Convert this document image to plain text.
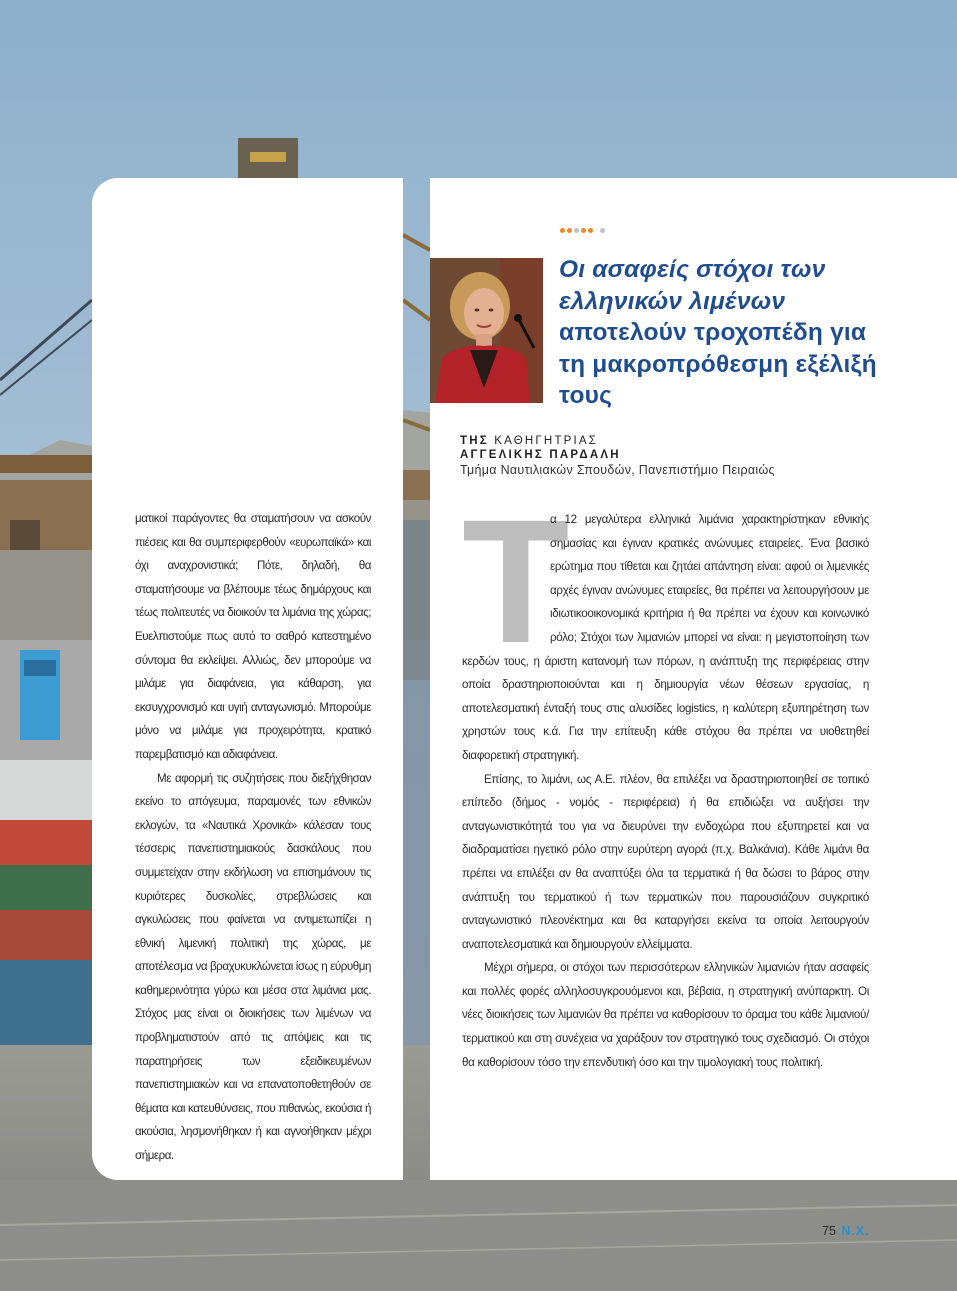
Οι ασαφείς στόχοι των ελληνικών λιμένων
αποτελούν τροχοπέδη για τη μακροπρόθεσμη εξέλιξή τους
ΤΗΣ ΚΑΘΗΓΗΤΡΙΑΣ
ΑΓΓΕΛΙΚΗΣ ΠΑΡΔΑΛΗ
Τμήμα Ναυτιλιακών Σπουδών, Πανεπιστήμιο Πειραιώς

ματικοί παράγοντες θα σταματήσουν να ασκούν πιέσεις και θα συμπεριφερθούν «ευρωπαϊκά» και όχι αναχρονιστικά; Πότε, δηλαδή, θα σταματήσουμε να βλέπουμε τέως δημάρχους και τέως πολιτευτές να διοικούν τα λιμάνια της χώρας; Ευελπιστούμε πως αυτό το σαθρό κατεστημένο σύντομα θα εκλείψει. Αλλιώς, δεν μπορούμε να μιλάμε για διαφάνεια, για κάθαρση, για εκσυγχρονισμό και υγιή ανταγωνισμό. Μπορούμε μόνο να μιλάμε για προχειρότητα, κρατικό παρεμβατισμό και αδιαφάνεια.

Με αφορμή τις συζητήσεις που διεξήχθησαν εκείνο το απόγευμα, παραμονές των εθνικών εκλογών, τα «Ναυτικά Χρονικά» κάλεσαν τους τέσσερις πανεπιστημιακούς δασκάλους που συμμετείχαν στην εκδήλωση να επισημάνουν τις κυριότερες δυσκολίες, στρεβλώσεις και αγκυλώσεις που φαίνεται να αντιμετωπίζει η εθνική λιμενική πολιτική της χώρας, με αποτέλεσμα να βραχυκυκλώνεται ίσως η εύρυθμη καθημερινότητα γύρω και μέσα στα λιμάνια μας. Στόχος μας είναι οι διοικήσεις των λιμένων να προβληματιστούν από τις απόψεις και τις παρατηρήσεις των εξειδικευμένων πανεπιστημιακών και να επανατοποθετηθούν σε θέματα και κατευθύνσεις, που πιθανώς, εκούσια ή ακούσια, λησμονήθηκαν ή και αγνοήθηκαν μέχρι σήμερα.

Τ

α 12 μεγαλύτερα ελληνικά λιμάνια χαρακτηρίστηκαν εθνικής σημασίας και έγιναν κρατικές ανώνυμες εταιρείες. Ένα βασικό ερώτημα που τίθεται και ζητάει απάντηση είναι: αφού οι λιμενικές αρχές έγιναν ανώνυμες εταιρείες, θα πρέπει να λειτουργήσουν με ιδιωτικοοικονομικά κριτήρια ή θα πρέπει να έχουν και κοινωνικό ρόλο; Στόχοι των λιμανιών μπορεί να είναι: η μεγιστοποίηση των κερδών τους, η άριστη κατανομή των πόρων, η ανάπτυξη της περιφέρειας στην οποία δραστηριοποιούνται και η δημιουργία νέων θέσεων εργασίας, η αποτελεσματική ένταξή τους στις αλυσίδες logistics, η καλύτερη εξυπηρέτηση των χρηστών τους κ.ά. Για την επίτευξη κάθε στόχου θα πρέπει να υιοθετηθεί διαφορετική στρατηγική.

Επίσης, το λιμάνι, ως Α.Ε. πλέον, θα επιλέξει να δραστηριοποιηθεί σε τοπικό επίπεδο (δήμος - νομός - περιφέρεια) ή θα επιδιώξει να αυξήσει την ανταγωνιστικότητά του για να διευρύνει την ενδοχώρα που εξυπηρετεί και να διαδραματίσει ηγετικό ρόλο στην ευρύτερη αγορά (π.χ. Βαλκάνια). Κάθε λιμάνι θα πρέπει να επιλέξει αν θα αναπτύξει όλα τα τερματικά ή θα δώσει το βάρος στην ανάπτυξη του τερματικού ή των τερματικών που παρουσιάζουν συγκριτικό ανταγωνιστικό πλεονέκτημα και θα καταργήσει εκείνα τα οποία λειτουργούν αναποτελεσματικά και δημιουργούν ελλείμματα.

Μέχρι σήμερα, οι στόχοι των περισσότερων ελληνικών λιμανιών ήταν ασαφείς και πολλές φορές αλληλοσυγκρουόμενοι και, βέβαια, η στρατηγική ανύπαρκτη. Οι νέες διοικήσεις των λιμανιών θα πρέπει να καθορίσουν το όραμα του κάθε λιμανιού/τερματικού και στη συνέχεια να χαράξουν τον στρατηγικό τους σχεδιασμό. Οι στόχοι θα καθορίσουν τόσο την επενδυτική όσο και την τιμολογιακή τους πολιτική.

75 Ν.Χ.
